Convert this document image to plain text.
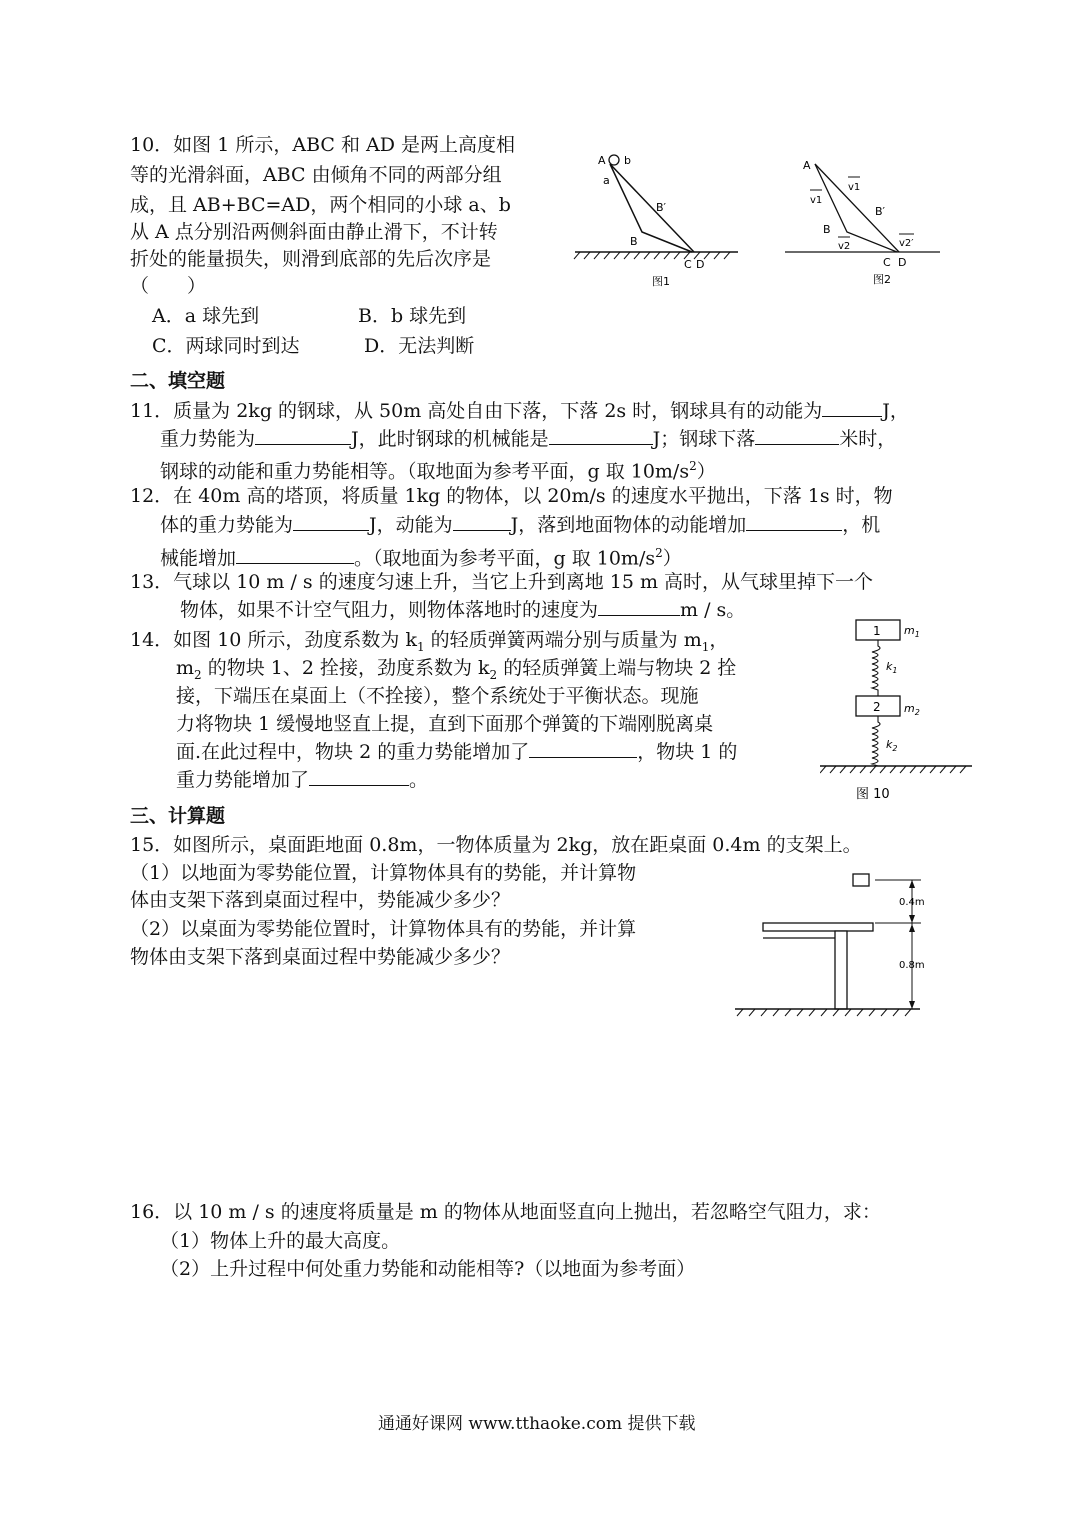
10．如图 1 所示，ABC 和 AD 是两上高度相
等的光滑斜面，ABC 由倾角不同的两部分组
成，且 AB+BC=AD，两个相同的小球 a、b
从 A 点分别沿两侧斜面由静止滑下，不计转
折处的能量损失，则滑到底部的先后次序是
（　　）
A．a 球先到	B．b 球先到
C．两球同时到达	D．无法判断
A b
a
B′
B
C D
图1
A
v1
v1
B′
B
v2	v2′
C D
图2
二、填空题
11．质量为 2kg 的钢球，从 50m 高处自由下落，下落 2s 时，钢球具有的动能为	J，
重力势能为	J，此时钢球的机械能是	J；钢球下落	米时，
钢球的动能和重力势能相等。（取地面为参考平面，g 取 $10m/s^2$）
12．在 40m 高的塔顶，将质量 1kg 的物体，以 20m/s 的速度水平抛出，下落 1s 时，物
体的重力势能为	J，动能为	J，落到地面物体的动能增加	，机
械能增加	。（取地面为参考平面，g 取 $10m/s^2$）
13．气球以 10 m / s 的速度匀速上升，当它上升到离地 15 m 高时，从气球里掉下一个
物体，如果不计空气阻力，则物体落地时的速度为	m / s。
14．如图 10 所示，劲度系数为 $k_1$ 的轻质弹簧两端分别与质量为 $m_1$，
$m_2$ 的物块 1、2 拴接，劲度系数为 $k_2$ 的轻质弹簧上端与物块 2 拴
接，下端压在桌面上（不拴接），整个系统处于平衡状态。现施
力将物块 1 缓慢地竖直上提，直到下面那个弹簧的下端刚脱离桌
面.在此过程中，物块 2 的重力势能增加了	，物块 1 的
重力势能增加了	。
1 $m_1$
$k_1$
2 $m_2$
$k_2$
图 10
三、计算题
15．如图所示，桌面距地面 0.8m，一物体质量为 2kg，放在距桌面 0.4m 的支架上。
（1）以地面为零势能位置，计算物体具有的势能，并计算物
体由支架下落到桌面过程中，势能减少多少？
（2）以桌面为零势能位置时，计算物体具有的势能，并计算
物体由支架下落到桌面过程中势能减少多少？
0.4m
0.8m
16．以 10 m / s 的速度将质量是 m 的物体从地面竖直向上抛出，若忽略空气阻力，求：
（1）物体上升的最大高度。
（2）上升过程中何处重力势能和动能相等?（以地面为参考面）
通通好课网 www.tthaoke.com 提供下载
